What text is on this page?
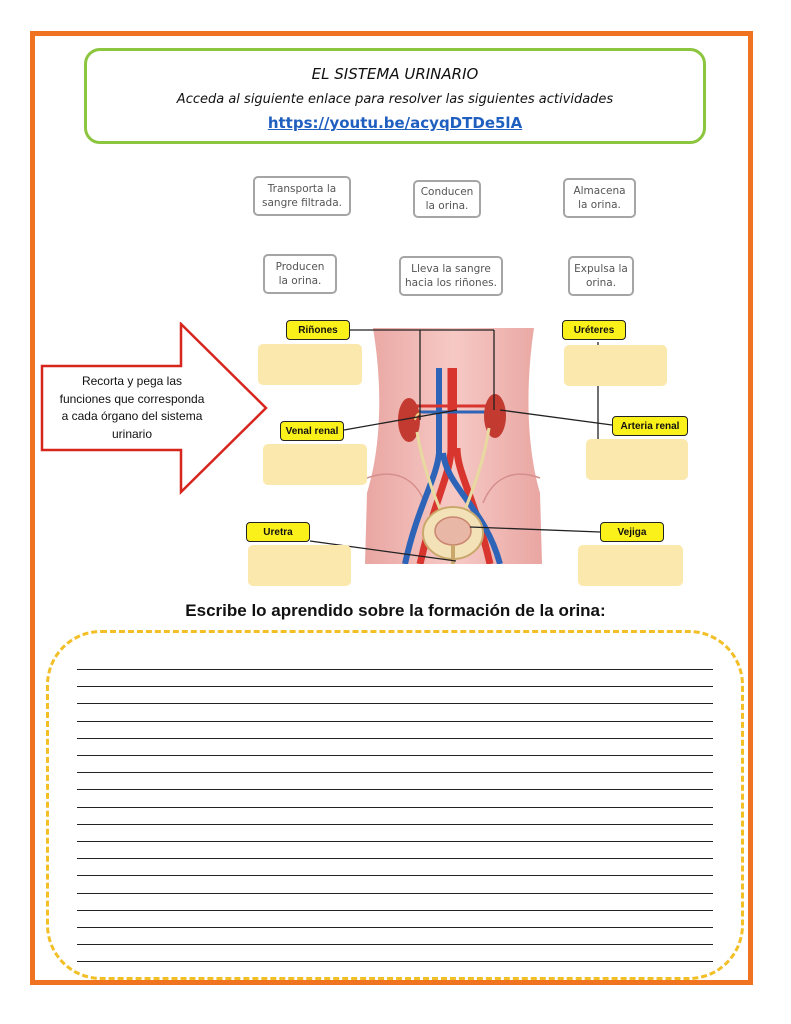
EL SISTEMA URINARIO
Acceda al siguiente enlace para resolver las siguientes actividades
https://youtu.be/acyqDTDe5lA
Transporta la
sangre filtrada.
Conducen
la orina.
Almacena
la orina.
Producen
la orina.
Lleva la sangre
hacia los riñones.
Expulsa la
orina.
Recorta y pega las
funciones que corresponda
a cada órgano del sistema
urinario
Riñones	Uréteres
Venal renal	Arteria renal
Uretra	Vejiga
Escribe lo aprendido sobre la formación de la orina:
